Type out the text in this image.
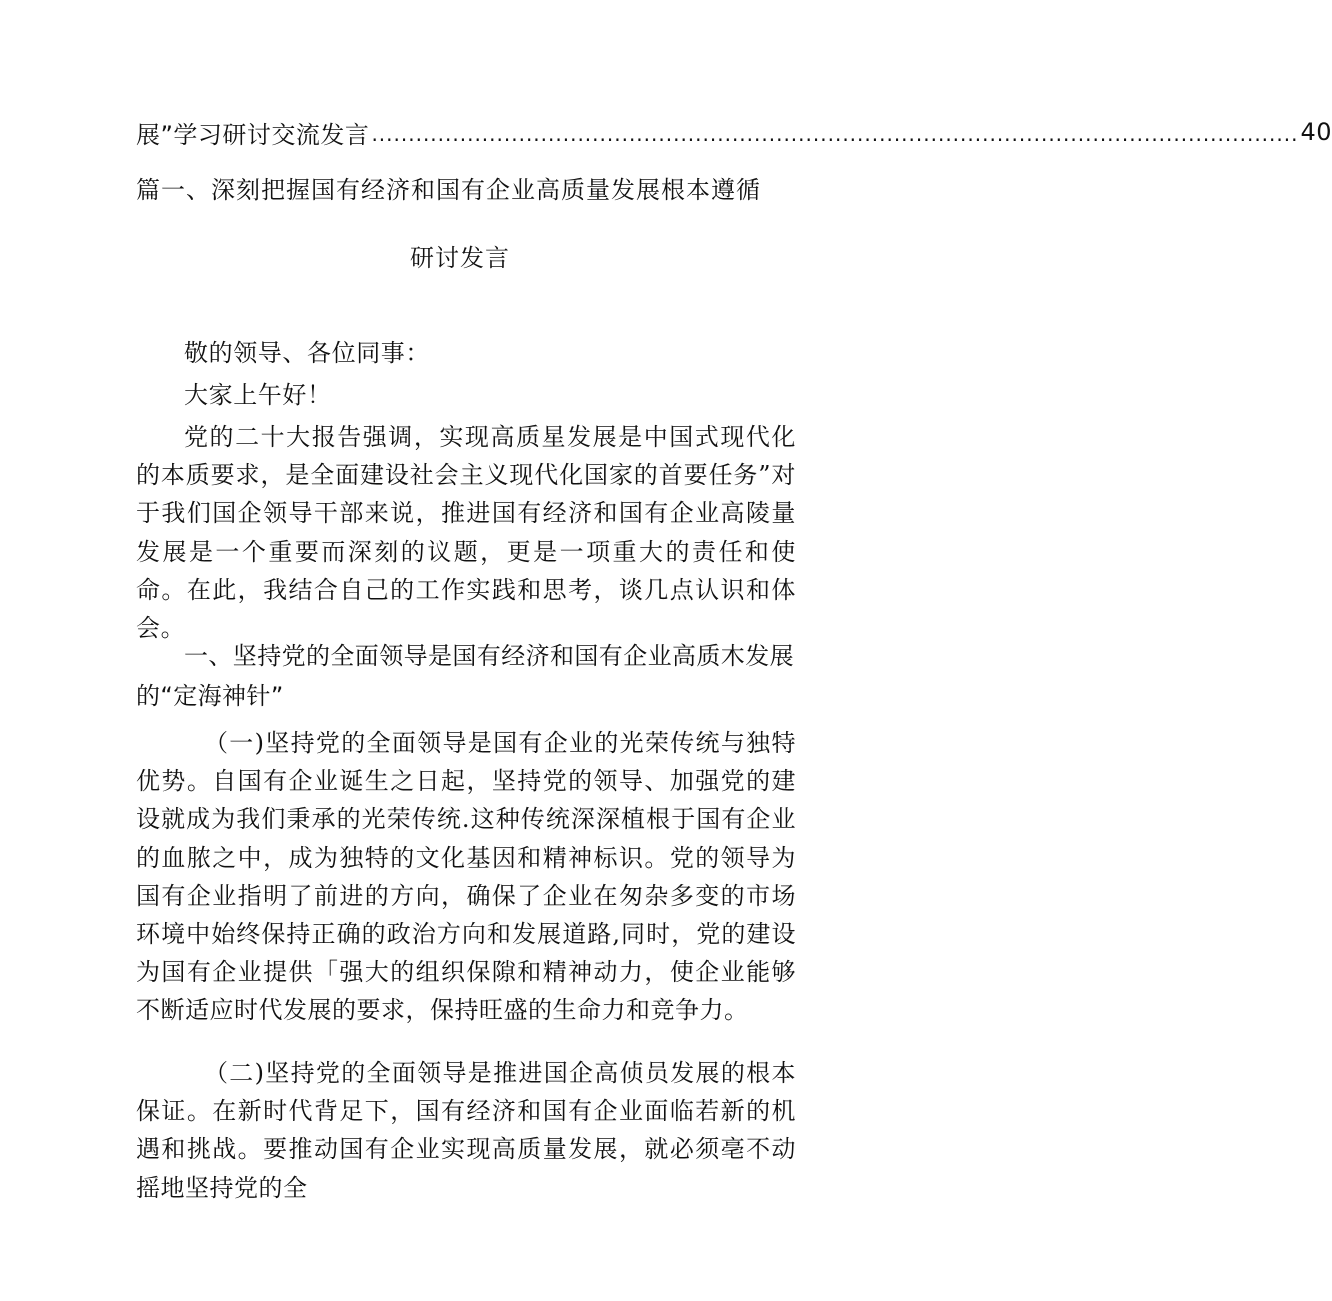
展”学习研讨交流发言 .............................................................................................................................. 40
篇一、深刻把握国有经济和国有企业高质量发展根本遵循
研讨发言
敬的领导、各位同事：
大家上午好！
党的二十大报告强调，实现高质星发展是中国式现代化的本质要求，是全面建设社会主义现代化国家的首要任务”对于我们国企领导干部来说，推进国有经济和国有企业高陵量发展是一个重要而深刻的议题，更是一项重大的责任和使命。在此，我结合自己的工作实践和思考，谈几点认识和体会。
一、坚持党的全面领导是国有经济和国有企业高质木发展的“定海神针”
（一)坚持党的全面领导是国有企业的光荣传统与独特优势。自国有企业诞生之日起，坚持党的领导、加强党的建设就成为我们秉承的光荣传统.这种传统深深植根于国有企业的血脓之中，成为独特的文化基因和精神标识。党的领导为国有企业指明了前进的方向，确保了企业在匆杂多变的市场环境中始终保持正确的政治方向和发展道路,同时，党的建设为国有企业提供「强大的组织保隙和精神动力，使企业能够不断适应时代发展的要求，保持旺盛的生命力和竞争力。
（二)坚持党的全面领导是推进国企高侦员发展的根本保证。在新时代背足下，国有经济和国有企业面临若新的机遇和挑战。要推动国有企业实现高质量发展，就必须亳不动摇地坚持党的全
